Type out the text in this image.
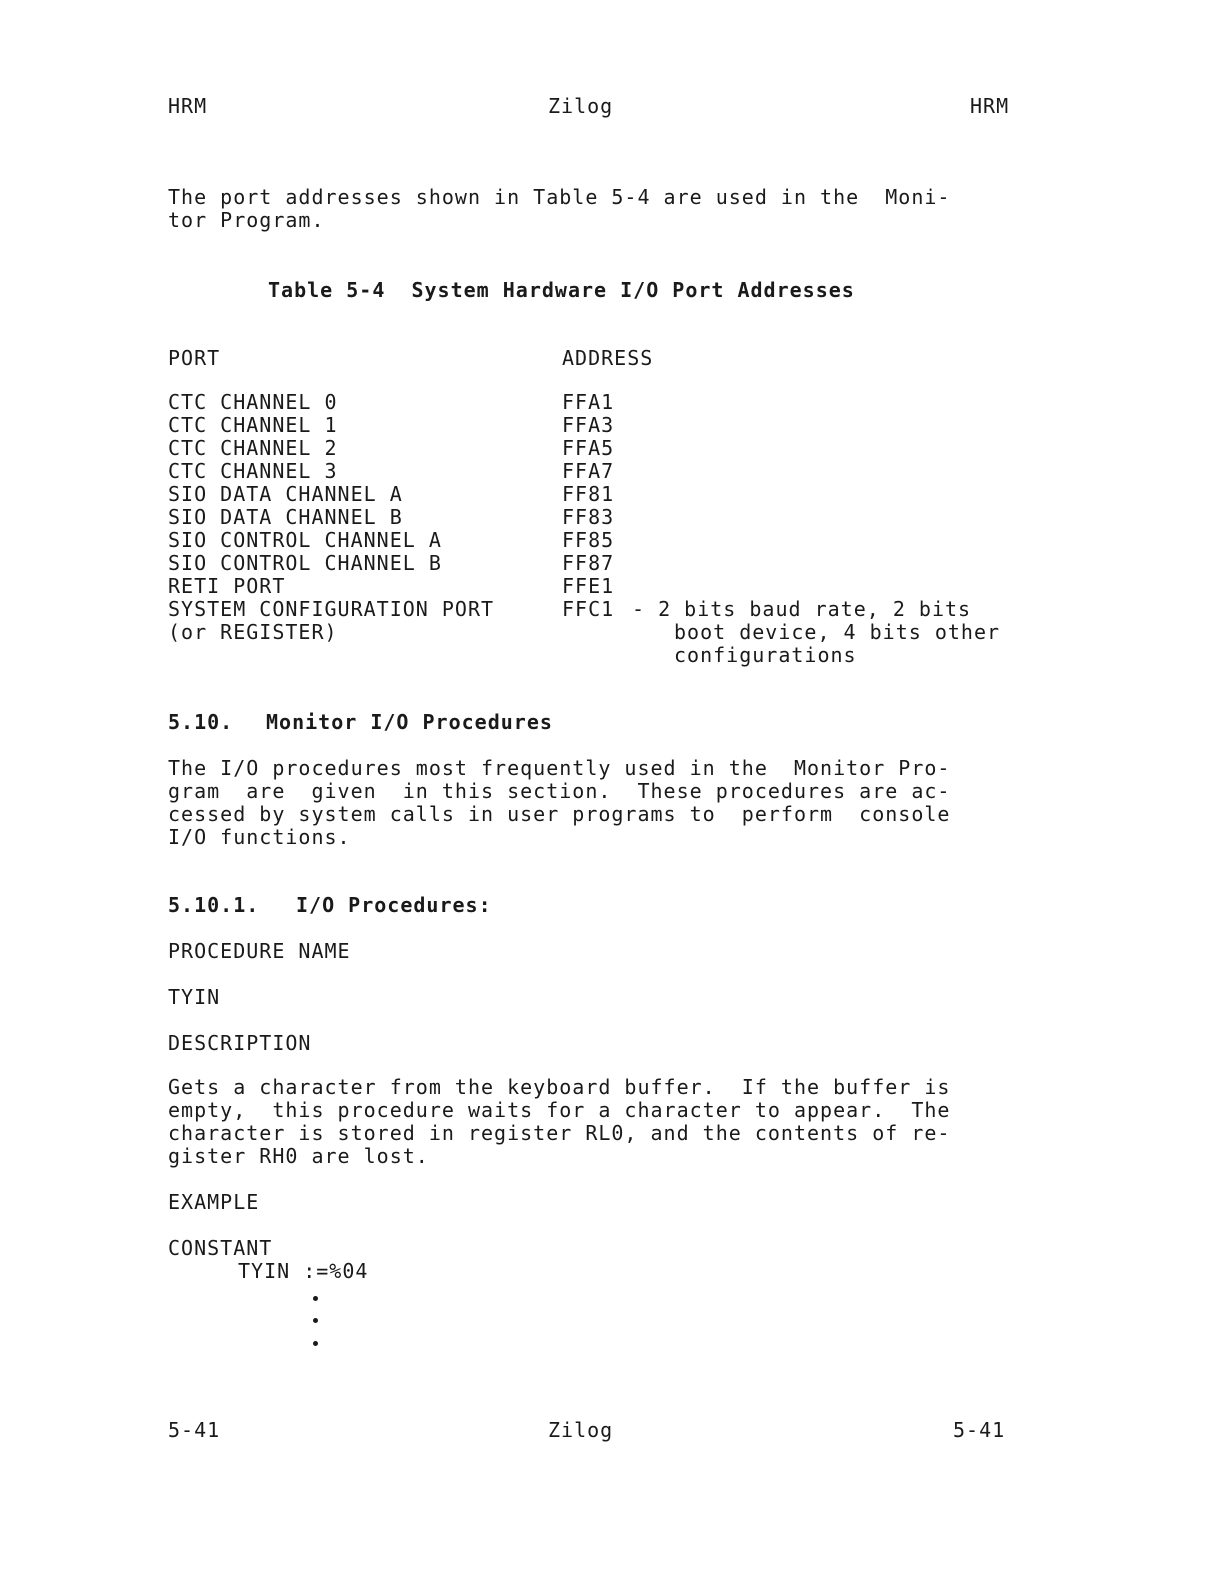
HRM	Zilog	HRM
The port addresses shown in Table 5-4 are used in the  Moni-
tor Program.
Table 5-4  System Hardware I/O Port Addresses
PORT	ADDRESS
CTC CHANNEL 0	FFA1
CTC CHANNEL 1	FFA3
CTC CHANNEL 2	FFA5
CTC CHANNEL 3	FFA7
SIO DATA CHANNEL A	FF81
SIO DATA CHANNEL B	FF83
SIO CONTROL CHANNEL A	FF85
SIO CONTROL CHANNEL B	FF87
RETI PORT	FFE1
SYSTEM CONFIGURATION PORT	FFC1 - 2 bits baud rate, 2 bits
(or REGISTER)	boot device, 4 bits other
configurations
5.10. Monitor I/O Procedures
The I/O procedures most frequently used in the  Monitor Pro-
gram  are  given  in this section.  These procedures are ac-
cessed by system calls in user programs to  perform  console
I/O functions.
5.10.1. I/O Procedures:
PROCEDURE NAME
TYIN
DESCRIPTION
Gets a character from the keyboard buffer.  If the buffer is
empty,  this procedure waits for a character to appear.  The
character is stored in register RL0, and the contents of re-
gister RH0 are lost.
EXAMPLE
CONSTANT
TYIN :=%04
5-41	Zilog	5-41
